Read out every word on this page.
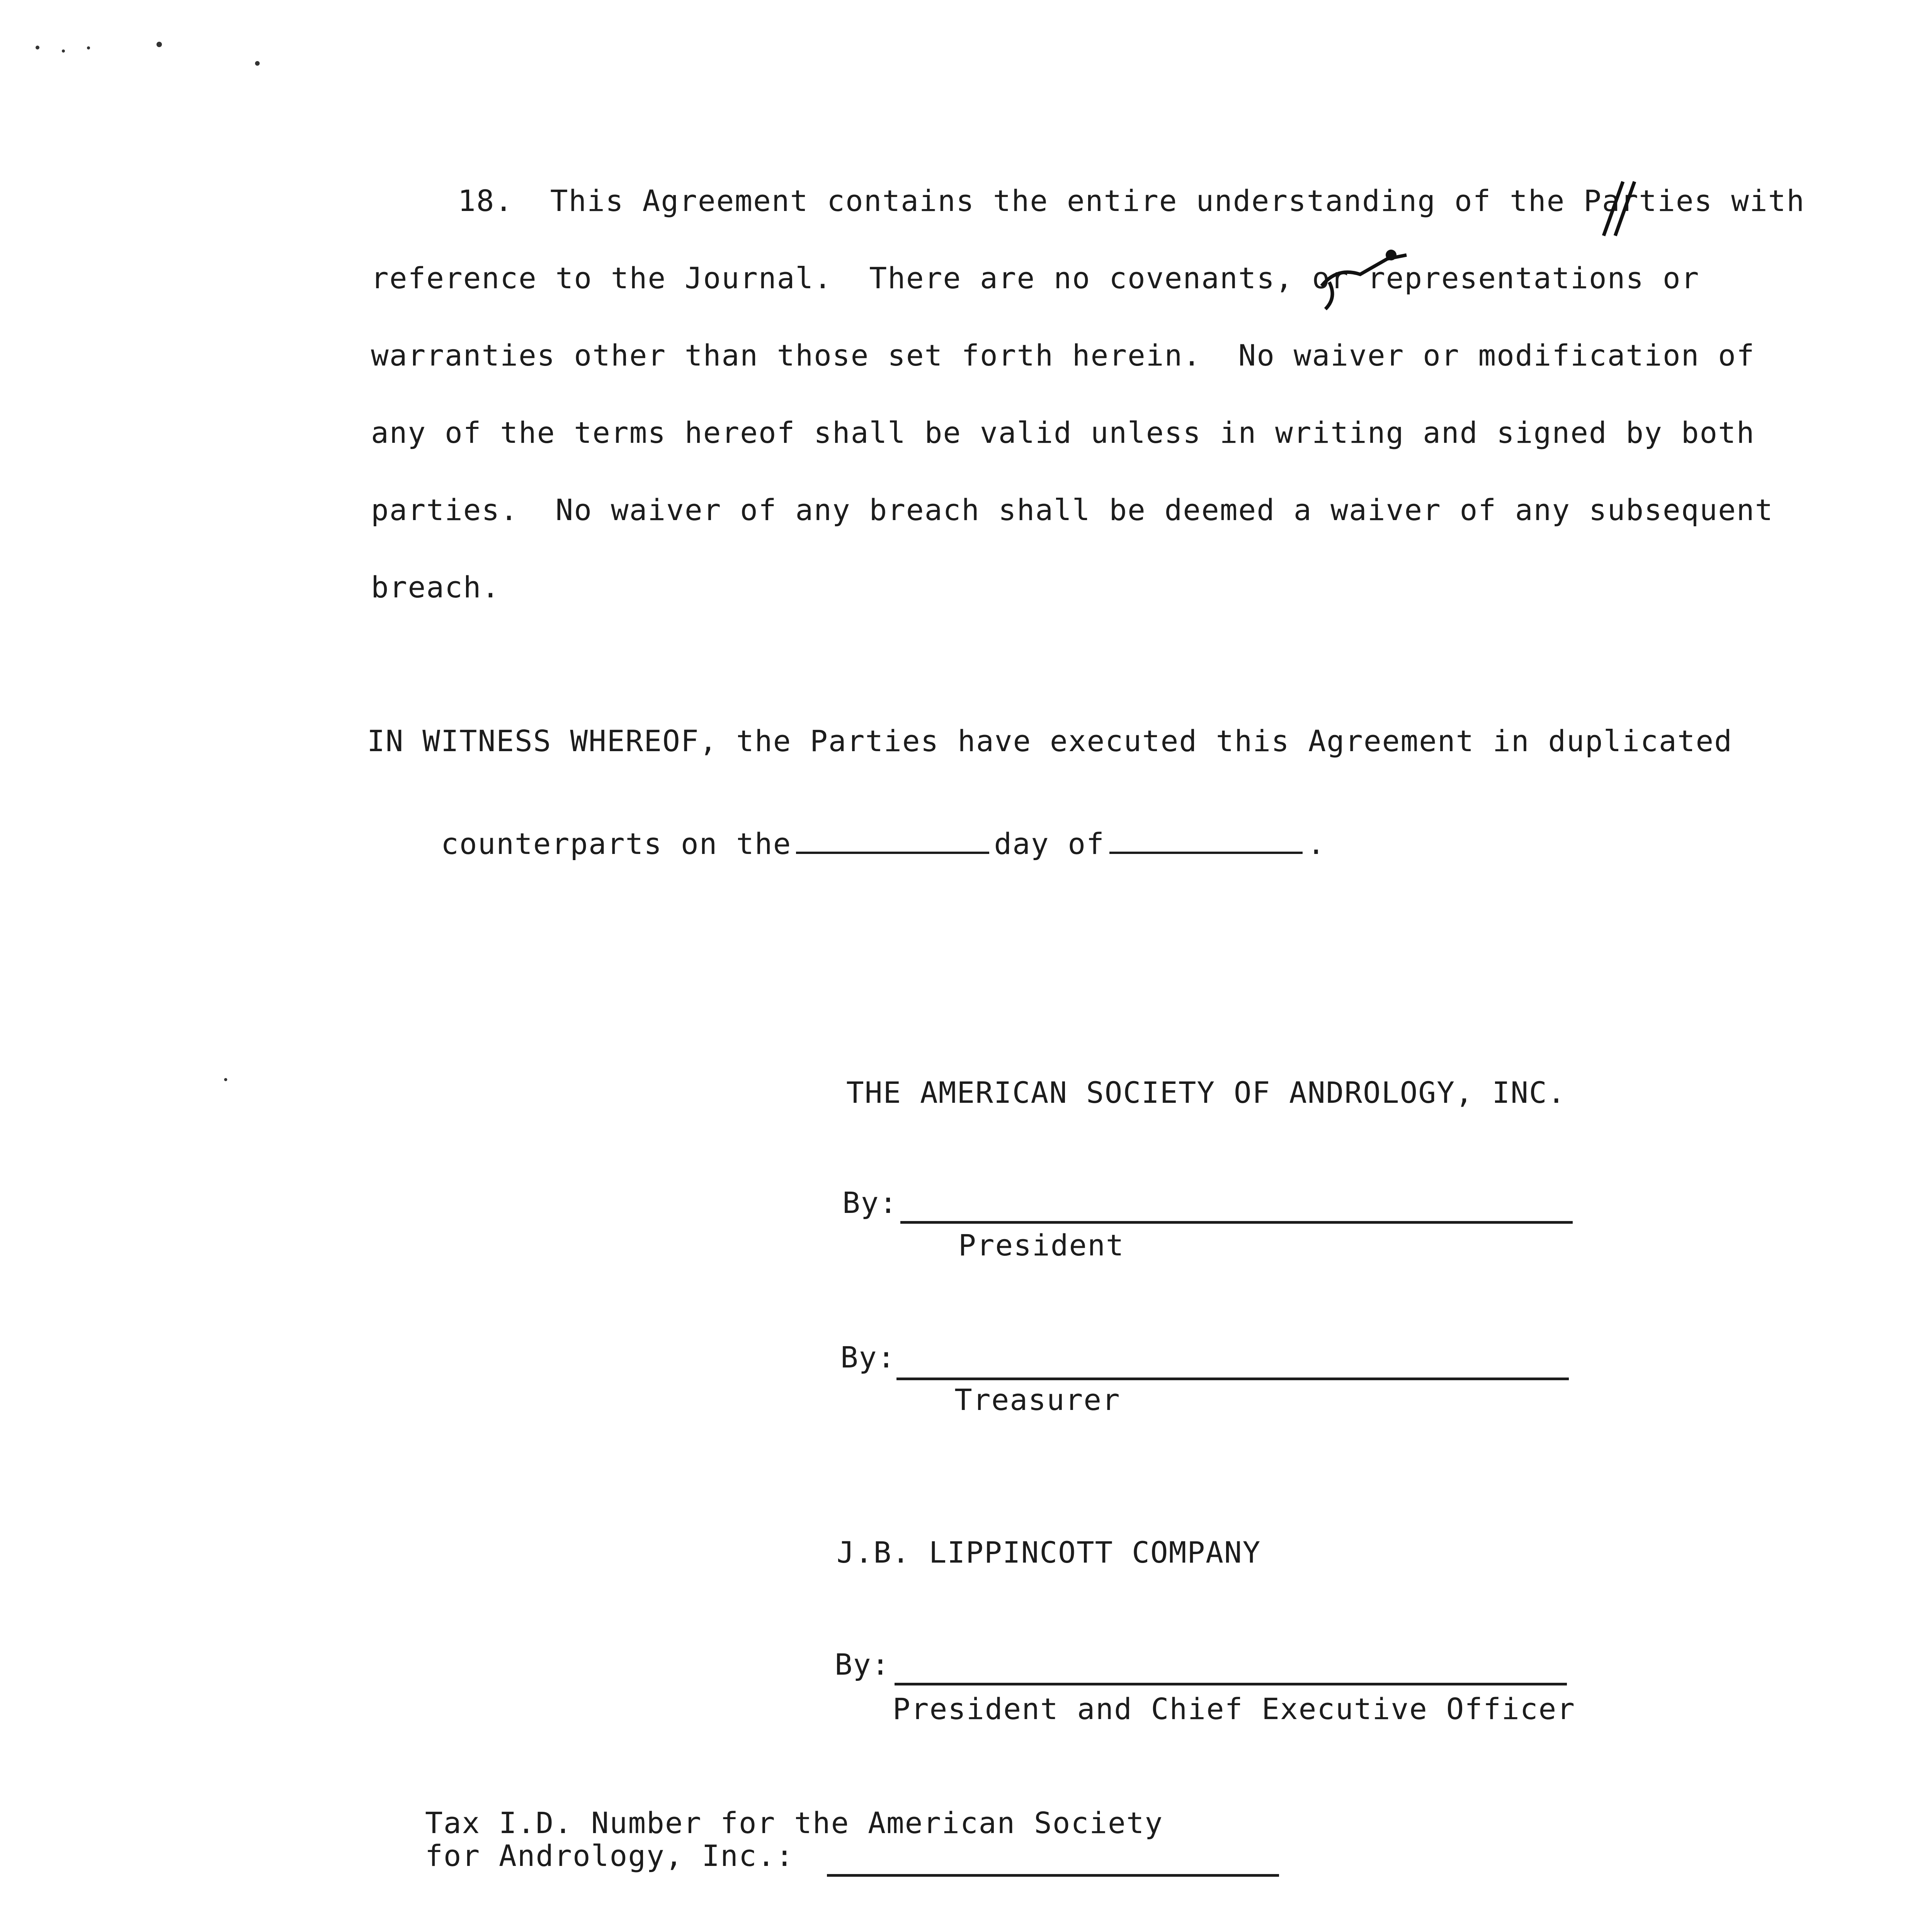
18.  This Agreement contains the entire understanding of the Parties with
reference to the Journal.  There are no covenants, or representations or
warranties other than those set forth herein.  No waiver or modification of
any of the terms hereof shall be valid unless in writing and signed by both
parties.  No waiver of any breach shall be deemed a waiver of any subsequent
breach.
IN WITNESS WHEREOF, the Parties have executed this Agreement in duplicated

counterparts on the	day of	.

THE AMERICAN SOCIETY OF ANDROLOGY, INC.
By:
President
By:
Treasurer
J.B. LIPPINCOTT COMPANY
By:
President and Chief Executive Officer
Tax I.D. Number for the American Society
for Andrology, Inc.:
